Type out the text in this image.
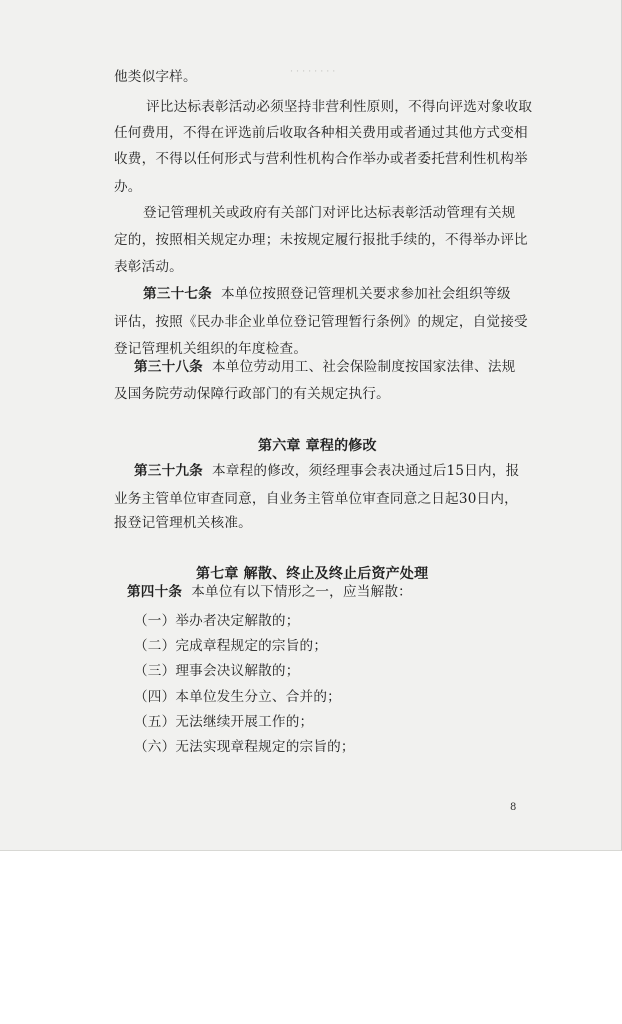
· · · · · · · ·
他类似字样。
评比达标表彰活动必须坚持非营利性原则，不得向评选对象收取
任何费用，不得在评选前后收取各种相关费用或者通过其他方式变相
收费，不得以任何形式与营利性机构合作举办或者委托营利性机构举
办。
登记管理机关或政府有关部门对评比达标表彰活动管理有关规
定的，按照相关规定办理；未按规定履行报批手续的，不得举办评比
表彰活动。
第三十七条 本单位按照登记管理机关要求参加社会组织等级
评估，按照《民办非企业单位登记管理暂行条例》的规定，自觉接受
登记管理机关组织的年度检查。
第三十八条 本单位劳动用工、社会保险制度按国家法律、法规
及国务院劳动保障行政部门的有关规定执行。
第六章 章程的修改
第三十九条 本章程的修改，须经理事会表决通过后15日内，报
业务主管单位审查同意，自业务主管单位审查同意之日起30日内，
报登记管理机关核准。
第七章 解散、终止及终止后资产处理
第四十条 本单位有以下情形之一，应当解散：
（一）举办者决定解散的；
（二）完成章程规定的宗旨的；
（三）理事会决议解散的；
（四）本单位发生分立、合并的；
（五）无法继续开展工作的；
（六）无法实现章程规定的宗旨的；
8
